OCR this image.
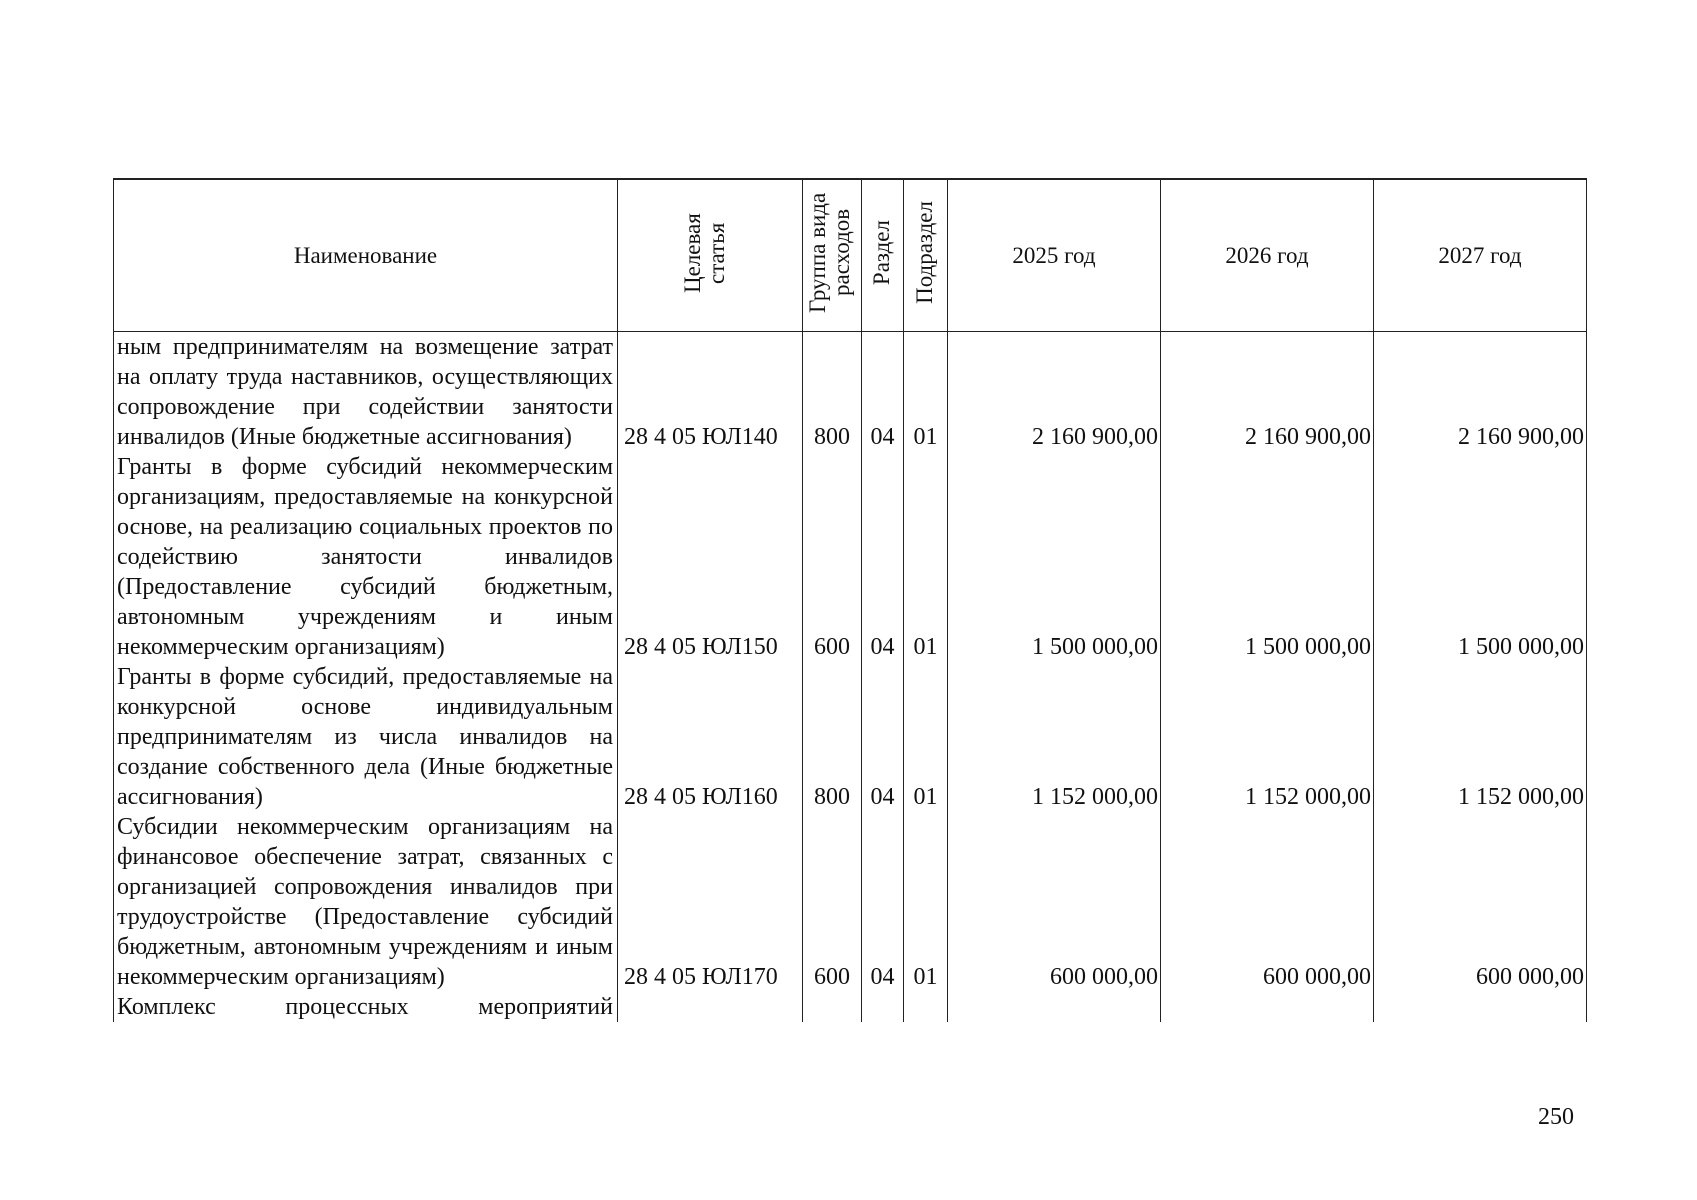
Наименование	Целевая статья	Группа вида расходов	Раздел	Подраздел	2025 год	2026 год	2027 год

ным предпринимателям на возмещение затрат на оплату труда наставников, осуществляющих сопровождение при содействии занятости инвалидов (Иные бюджетные ассигнования)	28 4 05 ЮЛ140	800	04	01	2 160 900,00	2 160 900,00	2 160 900,00

Гранты в форме субсидий некоммерческим организациям, предоставляемые на конкурсной основе, на реализацию социальных проектов по содействию занятости инвалидов (Предоставление субсидий бюджетным, автономным учреждениям и иным некоммерческим организациям)	28 4 05 ЮЛ150	600	04	01	1 500 000,00	1 500 000,00	1 500 000,00

Гранты в форме субсидий, предоставляемые на конкурсной основе индивидуальным предпринимателям из числа инвалидов на создание собственного дела (Иные бюджетные ассигнования)	28 4 05 ЮЛ160	800	04	01	1 152 000,00	1 152 000,00	1 152 000,00

Субсидии некоммерческим организациям на финансовое обеспечение затрат, связанных с организацией сопровождения инвалидов при трудоустройстве (Предоставление субсидий бюджетным, автономным учреждениям и иным некоммерческим организациям)	28 4 05 ЮЛ170	600	04	01	600 000,00	600 000,00	600 000,00

Комплекс процессных мероприятий							

250
